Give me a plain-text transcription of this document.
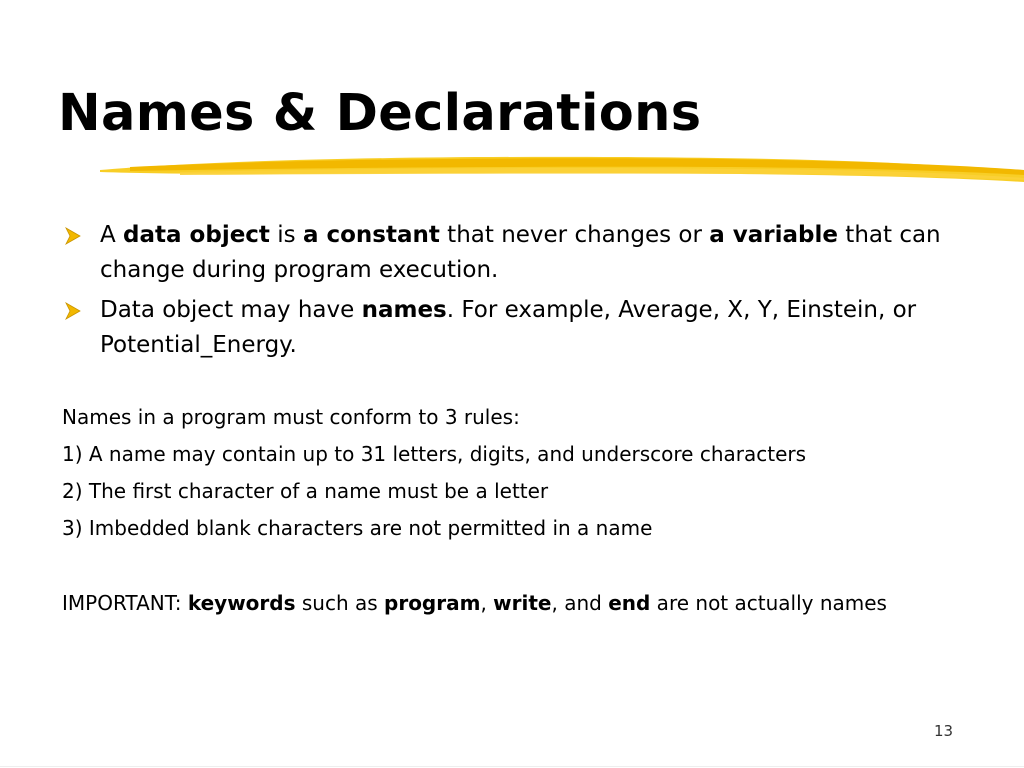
Names & Declarations
A data object is a constant that never changes or a variable that can change during program execution.
Data object may have names. For example, Average, X, Y, Einstein, or Potential_Energy.
Names in a program must conform to 3 rules:
1) A name may contain up to 31 letters, digits, and underscore characters
2) The first character of a name must be a letter
3) Imbedded blank characters are not permitted in a name
IMPORTANT: keywords such as program, write, and end are not actually names
13
